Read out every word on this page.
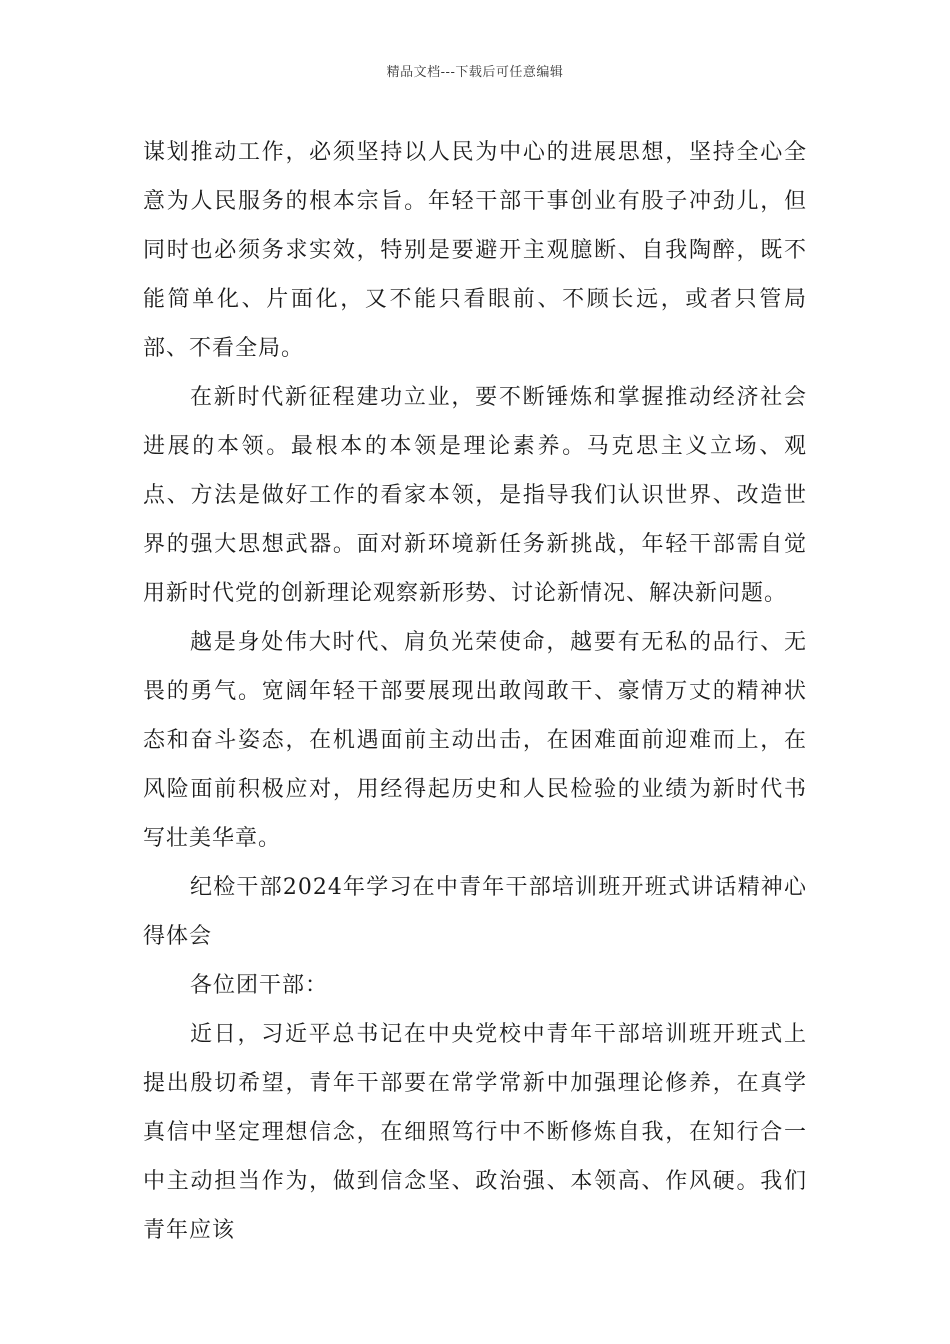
精品文档---下载后可任意编辑

谋划推动工作，必须坚持以人民为中心的进展思想，坚持全心全意为人民服务的根本宗旨。年轻干部干事创业有股子冲劲儿，但同时也必须务求实效，特别是要避开主观臆断、自我陶醉，既不能简单化、片面化，又不能只看眼前、不顾长远，或者只管局部、不看全局。

在新时代新征程建功立业，要不断锤炼和掌握推动经济社会进展的本领。最根本的本领是理论素养。马克思主义立场、观点、方法是做好工作的看家本领，是指导我们认识世界、改造世界的强大思想武器。面对新环境新任务新挑战，年轻干部需自觉用新时代党的创新理论观察新形势、讨论新情况、解决新问题。

越是身处伟大时代、肩负光荣使命，越要有无私的品行、无畏的勇气。宽阔年轻干部要展现出敢闯敢干、豪情万丈的精神状态和奋斗姿态，在机遇面前主动出击，在困难面前迎难而上，在风险面前积极应对，用经得起历史和人民检验的业绩为新时代书写壮美华章。

纪检干部2024年学习在中青年干部培训班开班式讲话精神心得体会

各位团干部：

近日，习近平总书记在中央党校中青年干部培训班开班式上提出殷切希望，青年干部要在常学常新中加强理论修养，在真学真信中坚定理想信念，在细照笃行中不断修炼自我，在知行合一中主动担当作为，做到信念坚、政治强、本领高、作风硬。我们青年应该
